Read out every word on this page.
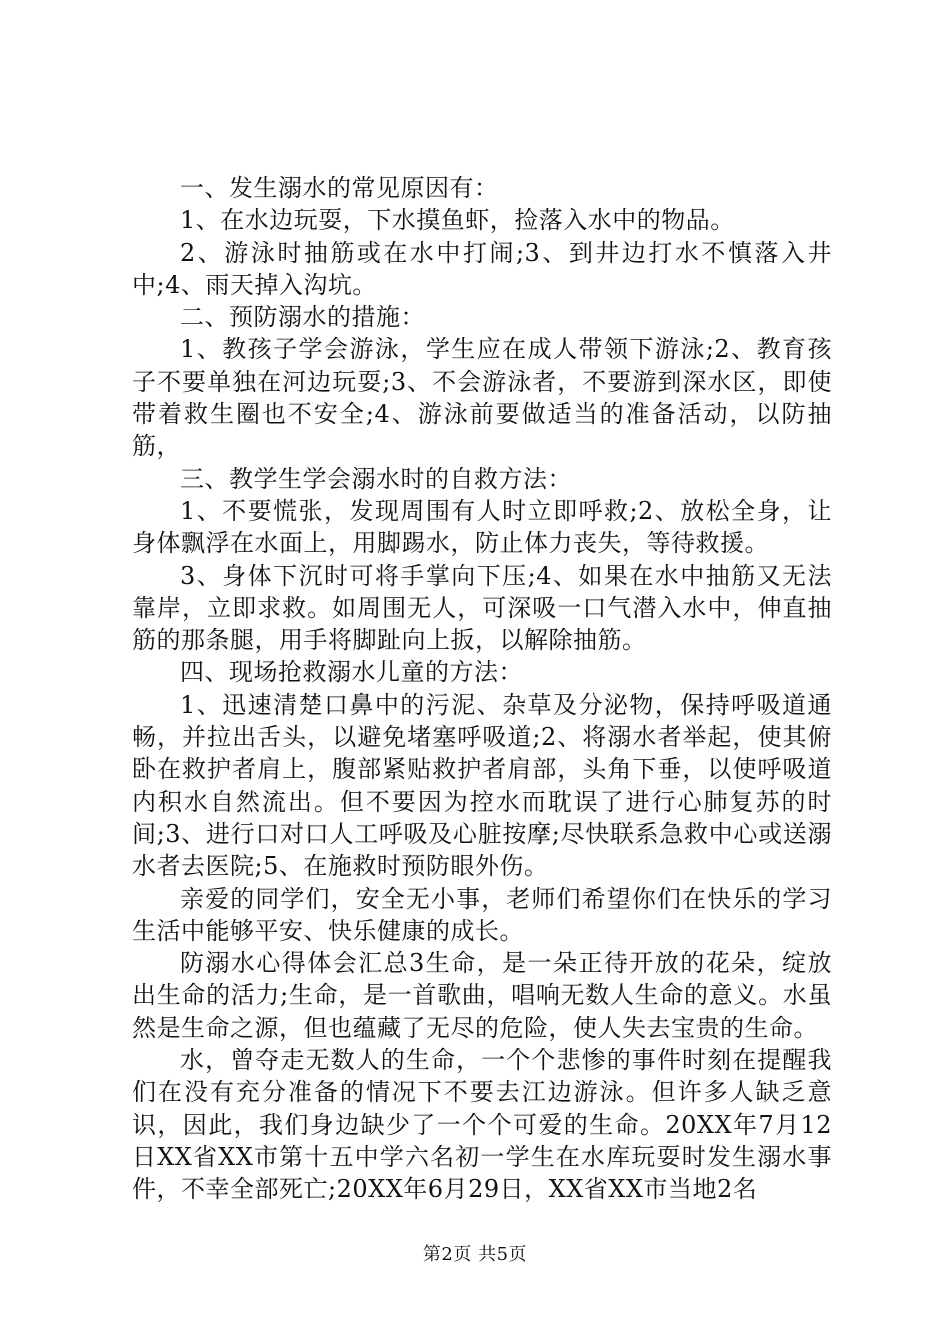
一、发生溺水的常见原因有：

1、在水边玩耍，下水摸鱼虾，捡落入水中的物品。

2、游泳时抽筋或在水中打闹;3、到井边打水不慎落入井中;4、雨天掉入沟坑。

二、预防溺水的措施：

1、教孩子学会游泳，学生应在成人带领下游泳;2、教育孩子不要单独在河边玩耍;3、不会游泳者，不要游到深水区，即使带着救生圈也不安全;4、游泳前要做适当的准备活动，以防抽筋，

三、教学生学会溺水时的自救方法：

1、不要慌张，发现周围有人时立即呼救;2、放松全身，让身体飘浮在水面上，用脚踢水，防止体力丧失，等待救援。

3、身体下沉时可将手掌向下压;4、如果在水中抽筋又无法靠岸，立即求救。如周围无人，可深吸一口气潜入水中，伸直抽筋的那条腿，用手将脚趾向上扳，以解除抽筋。

四、现场抢救溺水儿童的方法：

1、迅速清楚口鼻中的污泥、杂草及分泌物，保持呼吸道通畅，并拉出舌头，以避免堵塞呼吸道;2、将溺水者举起，使其俯卧在救护者肩上，腹部紧贴救护者肩部，头角下垂，以使呼吸道内积水自然流出。但不要因为控水而耽误了进行心肺复苏的时间;3、进行口对口人工呼吸及心脏按摩;尽快联系急救中心或送溺水者去医院;5、在施救时预防眼外伤。

亲爱的同学们，安全无小事，老师们希望你们在快乐的学习生活中能够平安、快乐健康的成长。

防溺水心得体会汇总3生命，是一朵正待开放的花朵，绽放出生命的活力;生命，是一首歌曲，唱响无数人生命的意义。水虽然是生命之源，但也蕴藏了无尽的危险，使人失去宝贵的生命。

水，曾夺走无数人的生命，一个个悲惨的事件时刻在提醒我们在没有充分准备的情况下不要去江边游泳。但许多人缺乏意识，因此，我们身边缺少了一个个可爱的生命。20XX年7月12日XX省XX市第十五中学六名初一学生在水库玩耍时发生溺水事件，不幸全部死亡;20XX年6月29日，XX省XX市当地2名

第2页 共5页
